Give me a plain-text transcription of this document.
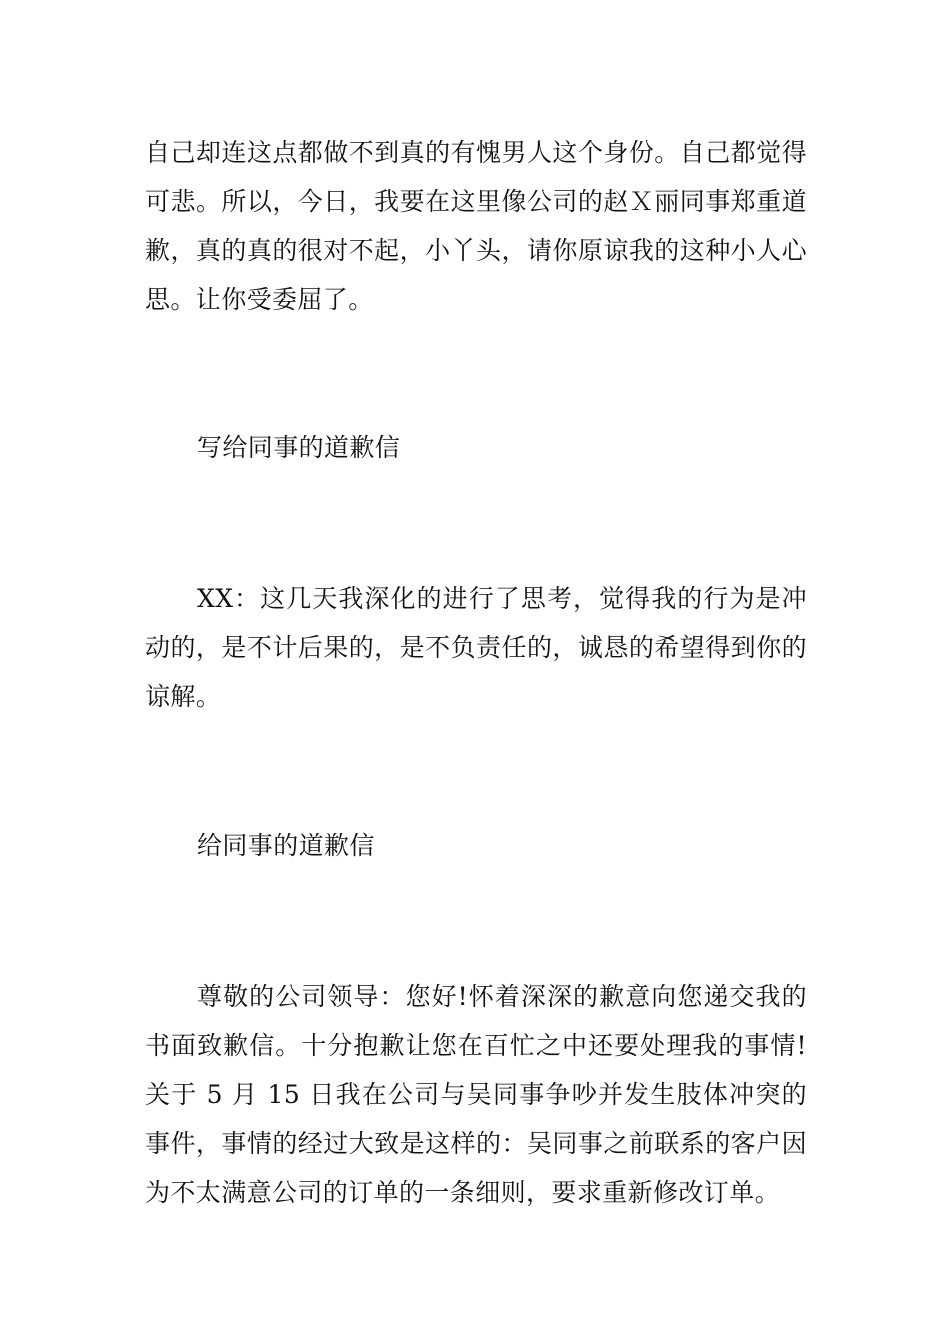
自己却连这点都做不到真的有愧男人这个身份。自己都觉得可悲。所以，今日，我要在这里像公司的赵Ｘ丽同事郑重道歉，真的真的很对不起，小丫头，请你原谅我的这种小人心思。让你受委屈了。

写给同事的道歉信

XX：这几天我深化的进行了思考，觉得我的行为是冲动的，是不计后果的，是不负责任的，诚恳的希望得到你的谅解。

给同事的道歉信

尊敬的公司领导：您好!怀着深深的歉意向您递交我的书面致歉信。十分抱歉让您在百忙之中还要处理我的事情!关于 5 月 15 日我在公司与吴同事争吵并发生肢体冲突的事件，事情的经过大致是这样的：吴同事之前联系的客户因为不太满意公司的订单的一条细则，要求重新修改订单。
